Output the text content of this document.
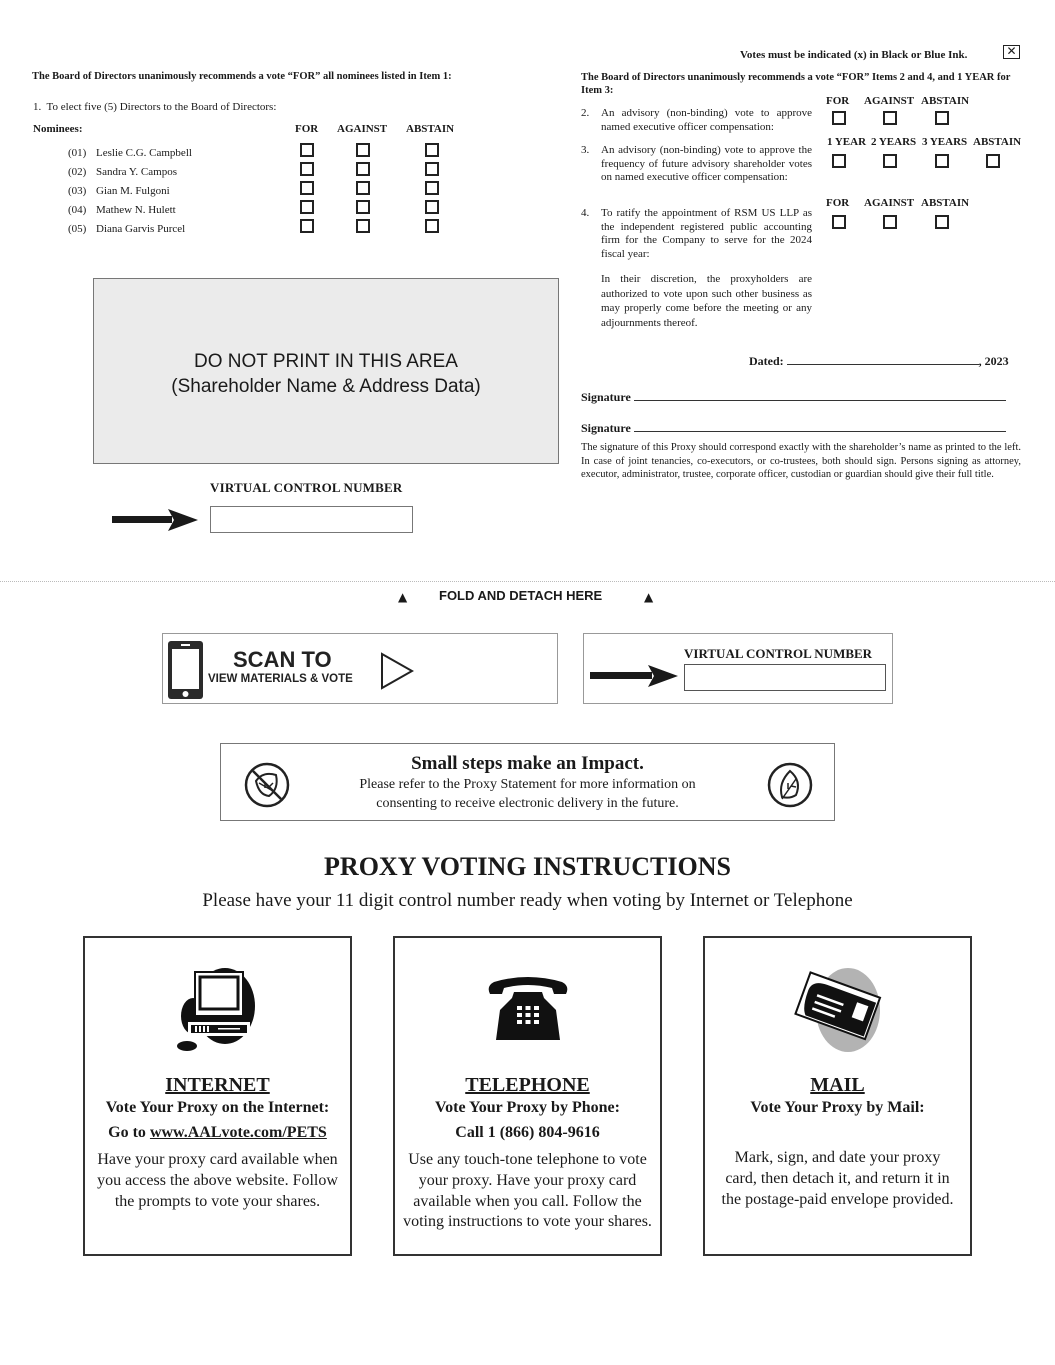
Votes must be indicated (x) in Black or Blue Ink.	✕
The Board of Directors unanimously recommends a vote “FOR” all nominees listed in Item 1:
1.  To elect five (5) Directors to the Board of Directors:
Nominees:	FOR AGAINST ABSTAIN
(01) Leslie C.G. Campbell
(02) Sandra Y. Campos
(03) Gian M. Fulgoni
(04) Mathew N. Hulett
(05) Diana Garvis Purcel
DO NOT PRINT IN THIS AREA
(Shareholder Name & Address Data)
VIRTUAL CONTROL NUMBER
The Board of Directors unanimously recommends a vote “FOR” Items 2 and 4, and 1 YEAR for Item 3:
2. An advisory (non-binding) vote to approve named executive officer compensation:
FOR AGAINST ABSTAIN
3. An advisory (non-binding) vote to approve the frequency of future advisory shareholder votes on named executive officer compensation:
1 YEAR 2 YEARS 3 YEARS ABSTAIN
4. To ratify the appointment of RSM US LLP as the independent registered public accounting firm for the Company to serve for the 2024 fiscal year:
FOR AGAINST ABSTAIN
In their discretion, the proxyholders are authorized to vote upon such other business as may properly come before the meeting or any adjournments thereof.
Dated:	, 2023
Signature
Signature
The signature of this Proxy should correspond exactly with the shareholder’s name as printed to the left. In case of joint tenancies, co-executors, or co-trustees, both should sign. Persons signing as attorney, executor, administrator, trustee, corporate officer, custodian or guardian should give their full title.
▲ FOLD AND DETACH HERE	▲
SCAN TO
VIEW MATERIALS & VOTE
VIRTUAL CONTROL NUMBER
Small steps make an Impact.
Please refer to the Proxy Statement for more information on
consenting to receive electronic delivery in the future.
PROXY VOTING INSTRUCTIONS
Please have your 11 digit control number ready when voting by Internet or Telephone
INTERNET
Vote Your Proxy on the Internet:
Go to www.AALvote.com/PETS
Have your proxy card available when you access the above website. Follow the prompts to vote your shares.
TELEPHONE
Vote Your Proxy by Phone:
Call 1 (866) 804-9616
Use any touch-tone telephone to vote your proxy. Have your proxy card available when you call. Follow the voting instructions to vote your shares.
MAIL
Vote Your Proxy by Mail:
Mark, sign, and date your proxy card, then detach it, and return it in the postage-paid envelope provided.
